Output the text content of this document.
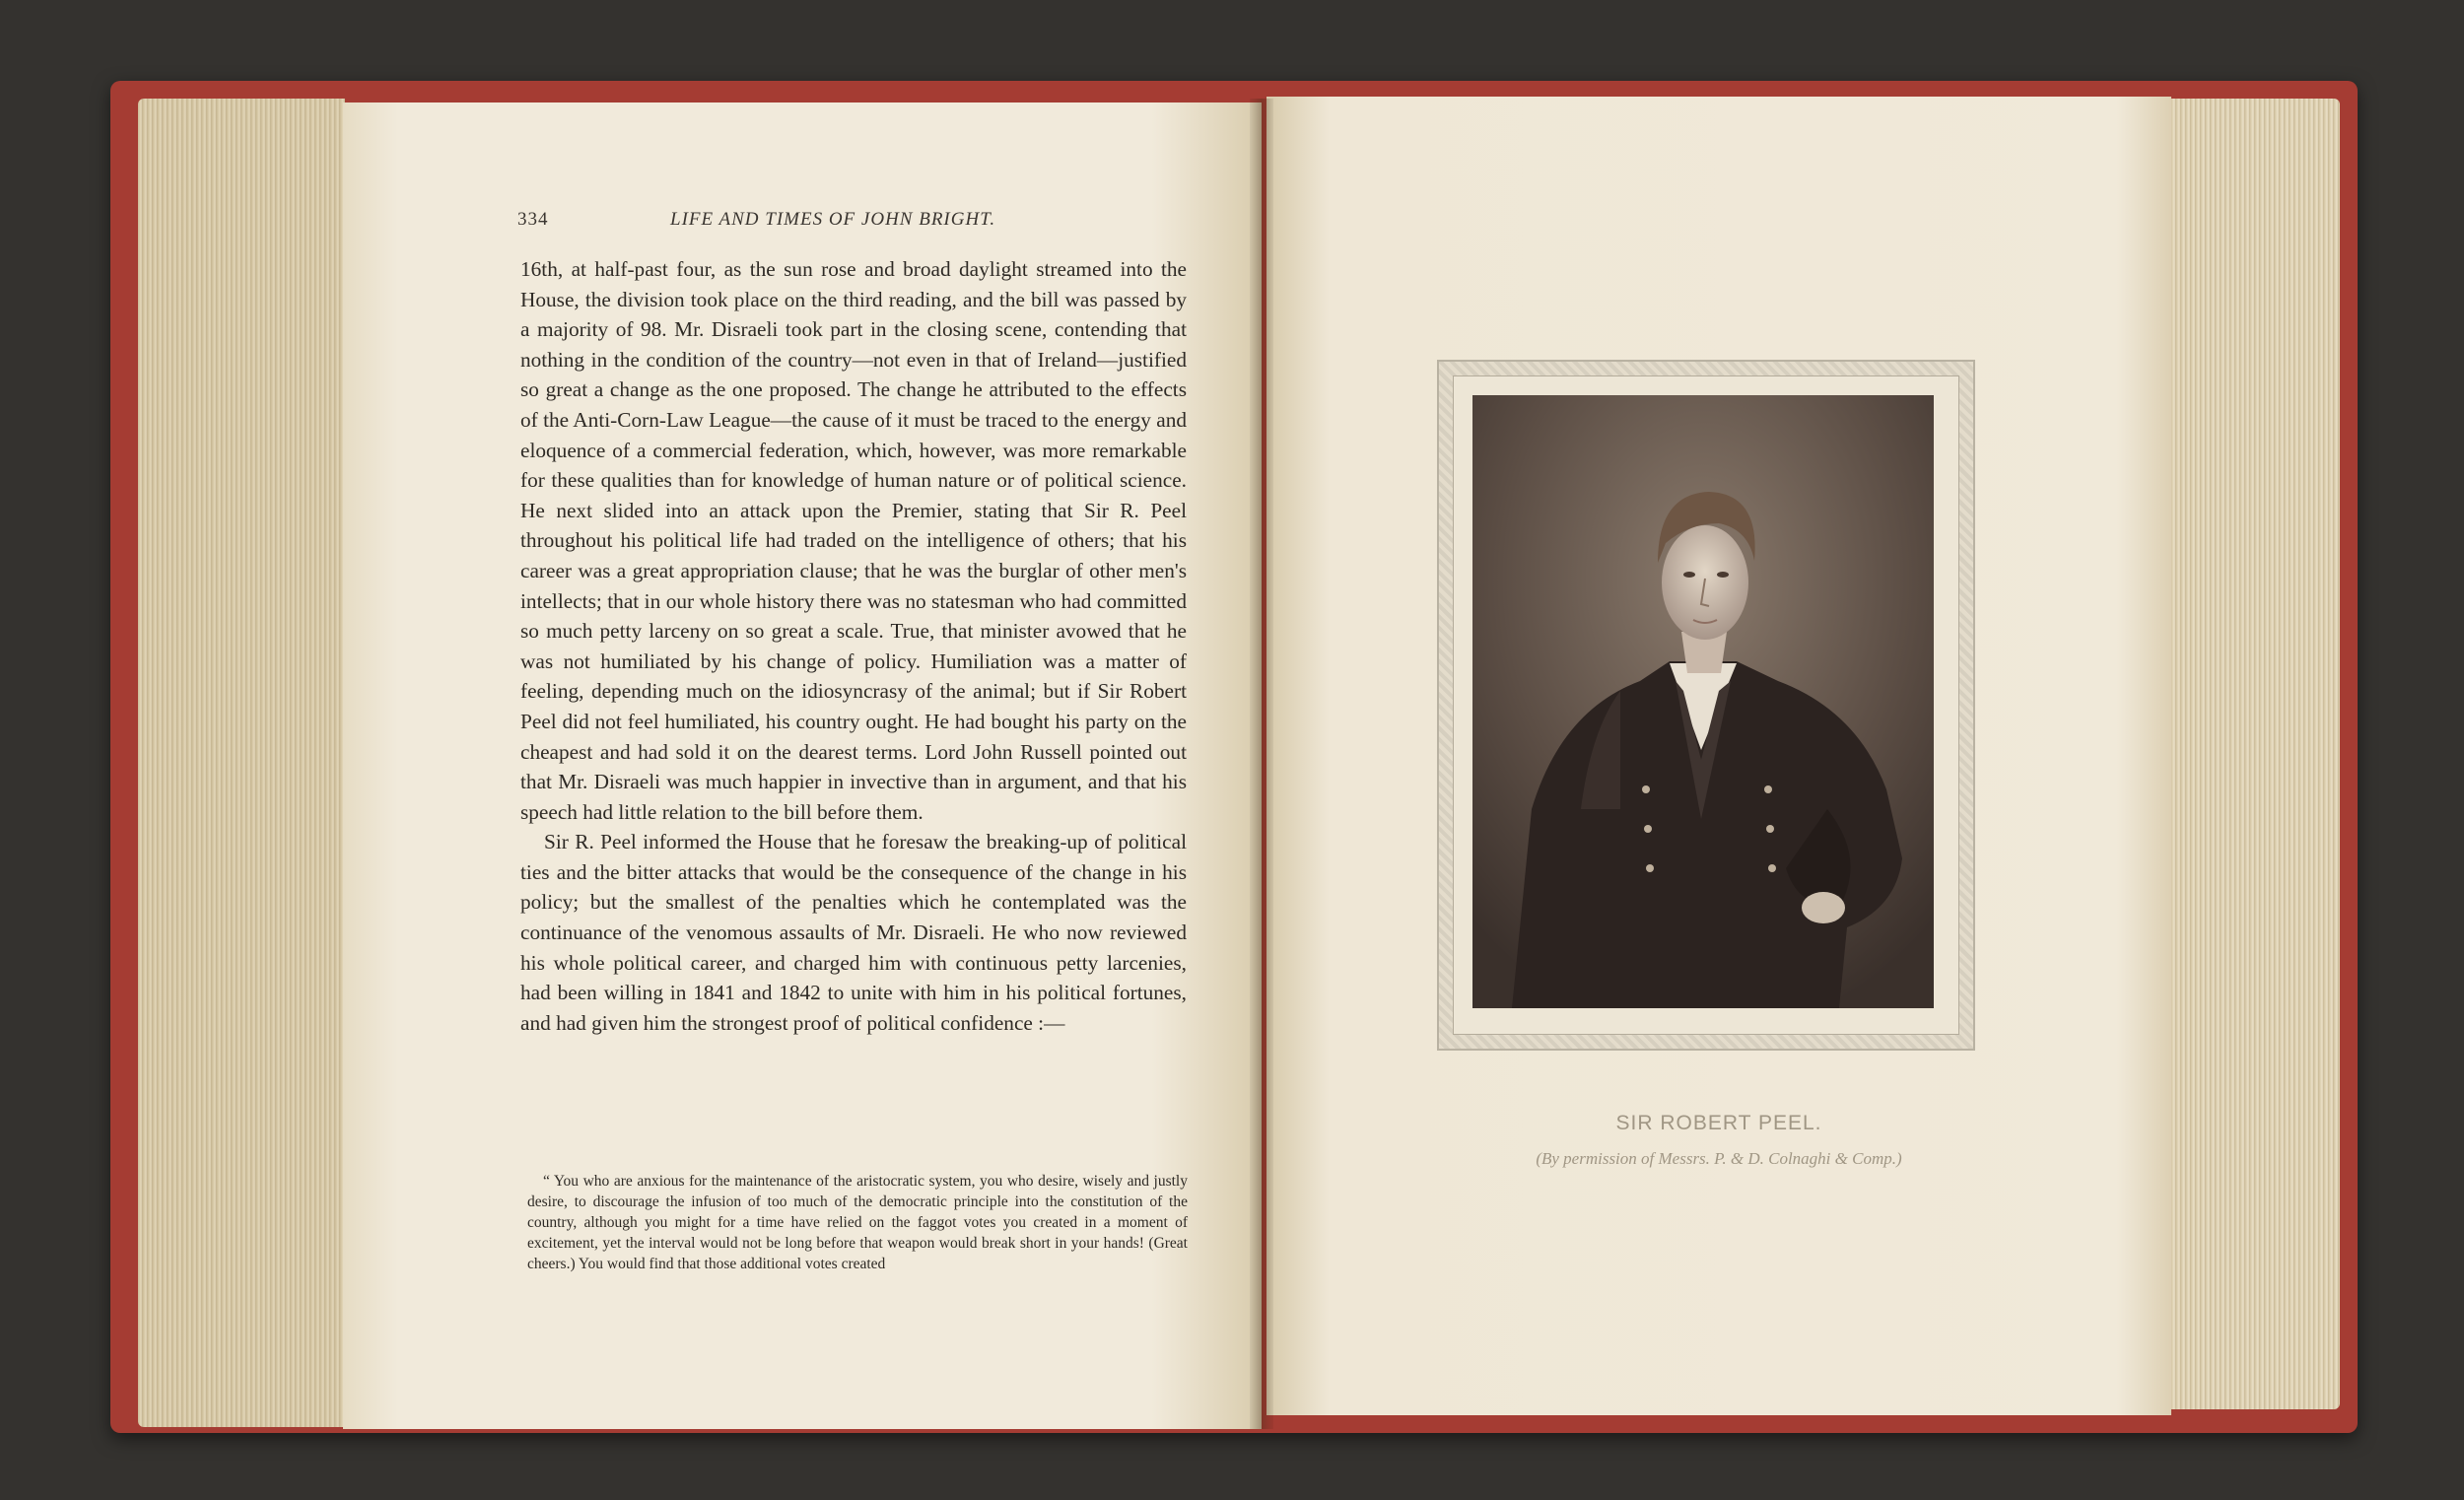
334	LIFE AND TIMES OF JOHN BRIGHT.

16th, at half-past four, as the sun rose and broad daylight streamed into the House, the division took place on the third reading, and the bill was passed by a majority of 98. Mr. Disraeli took part in the closing scene, contending that nothing in the condition of the country—not even in that of Ireland—justified so great a change as the one proposed. The change he attributed to the effects of the Anti-Corn-Law League—the cause of it must be traced to the energy and eloquence of a commercial federation, which, however, was more remarkable for these qualities than for knowledge of human nature or of political science. He next slided into an attack upon the Premier, stating that Sir R. Peel throughout his political life had traded on the intelligence of others; that his career was a great appropriation clause; that he was the burglar of other men's intellects; that in our whole history there was no statesman who had committed so much petty larceny on so great a scale. True, that minister avowed that he was not humiliated by his change of policy. Humiliation was a matter of feeling, depending much on the idiosyncrasy of the animal; but if Sir Robert Peel did not feel humiliated, his country ought. He had bought his party on the cheapest and had sold it on the dearest terms. Lord John Russell pointed out that Mr. Disraeli was much happier in invective than in argument, and that his speech had little relation to the bill before them.

Sir R. Peel informed the House that he foresaw the breaking-up of political ties and the bitter attacks that would be the consequence of the change in his policy; but the smallest of the penalties which he contemplated was the continuance of the venomous assaults of Mr. Disraeli. He who now reviewed his whole political career, and charged him with continuous petty larcenies, had been willing in 1841 and 1842 to unite with him in his political fortunes, and had given him the strongest proof of political confidence :—

“ You who are anxious for the maintenance of the aristocratic system, you who desire, wisely and justly desire, to discourage the infusion of too much of the democratic principle into the constitution of the country, although you might for a time have relied on the faggot votes you created in a moment of excitement, yet the interval would not be long before that weapon would break short in your hands! (Great cheers.) You would find that those additional votes created

SIR ROBERT PEEL.
(By permission of Messrs. P. & D. Colnaghi & Comp.)
